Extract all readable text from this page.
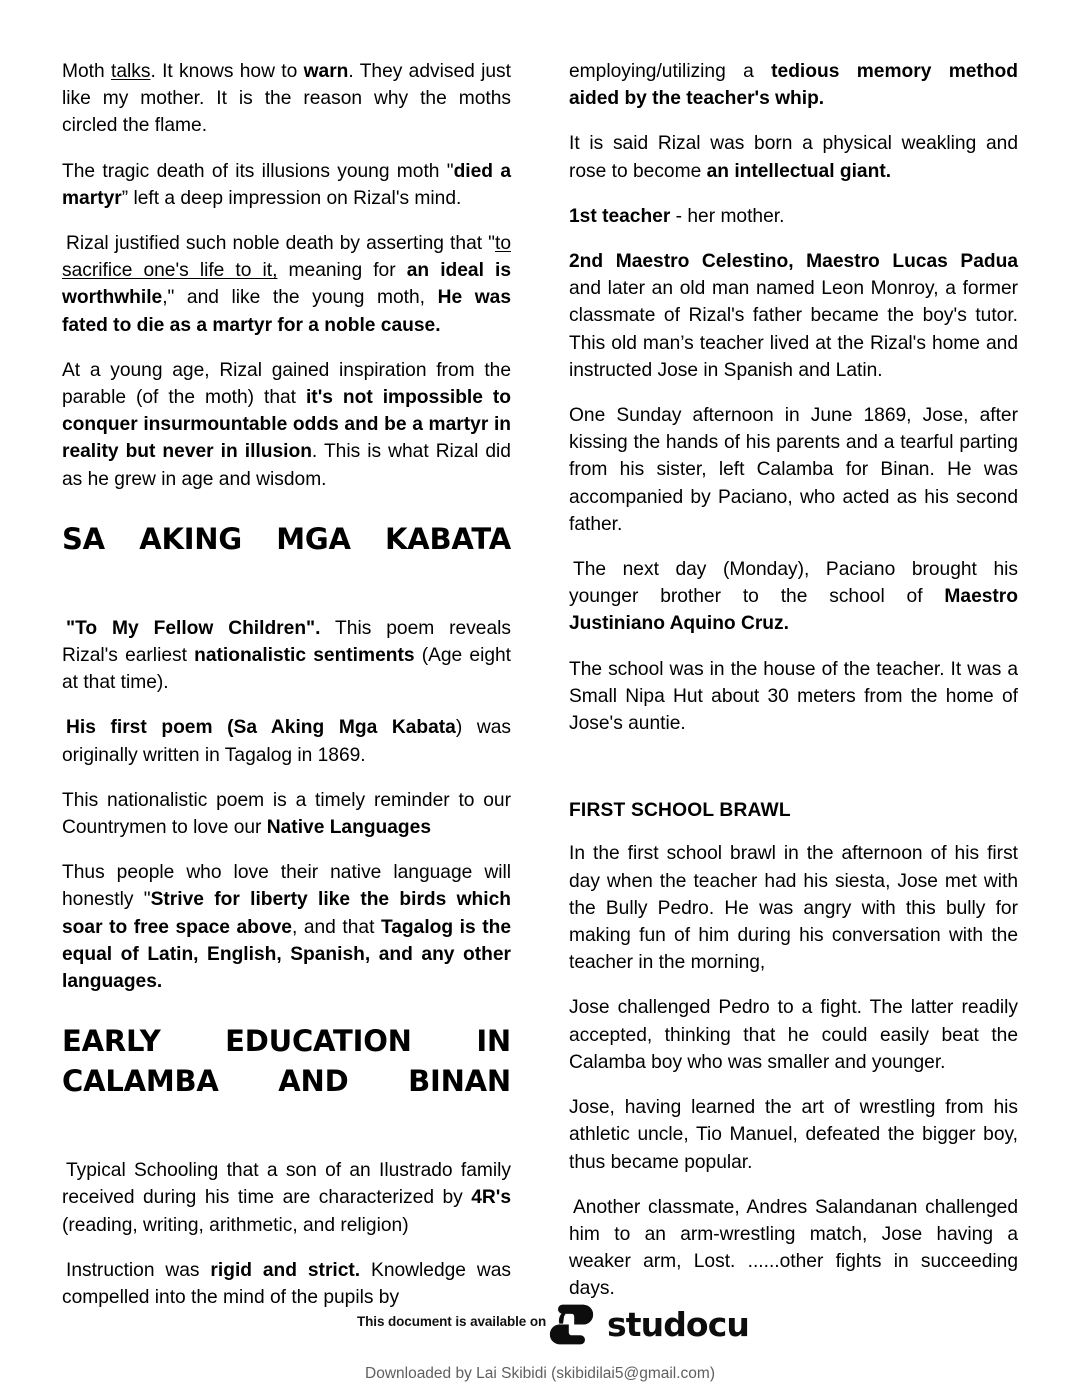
Moth talks. It knows how to warn. They advised just like my mother. It is the reason why the moths circled the flame.

The tragic death of its illusions young moth "died a martyr” left a deep impression on Rizal's mind.

Rizal justified such noble death by asserting that "to sacrifice one's life to it, meaning for an ideal is worthwhile," and like the young moth, He was fated to die as a martyr for a noble cause.

At a young age, Rizal gained inspiration from the parable (of the moth) that it's not impossible to conquer insurmountable odds and be a martyr in reality but never in illusion. This is what Rizal did as he grew in age and wisdom.

SA AKING MGA KABATA

"To My Fellow Children". This poem reveals Rizal's earliest nationalistic sentiments (Age eight at that time).

His first poem (Sa Aking Mga Kabata) was originally written in Tagalog in 1869.

This nationalistic poem is a timely reminder to our Countrymen to love our Native Languages

Thus people who love their native language will honestly "Strive for liberty like the birds which soar to free space above, and that Tagalog is the equal of Latin, English, Spanish, and any other languages.

EARLY EDUCATION IN CALAMBA AND BINAN

Typical Schooling that a son of an Ilustrado family received during his time are characterized by 4R's (reading, writing, arithmetic, and religion)

Instruction was rigid and strict. Knowledge was compelled into the mind of the pupils by

employing/utilizing a tedious memory method aided by the teacher's whip.

It is said Rizal was born a physical weakling and rose to become an intellectual giant.

1st teacher - her mother.

2nd Maestro Celestino, Maestro Lucas Padua and later an old man named Leon Monroy, a former classmate of Rizal's father became the boy's tutor. This old man’s teacher lived at the Rizal's home and instructed Jose in Spanish and Latin.

One Sunday afternoon in June 1869, Jose, after kissing the hands of his parents and a tearful parting from his sister, left Calamba for Binan. He was accompanied by Paciano, who acted as his second father.

The next day (Monday), Paciano brought his younger brother to the school of Maestro Justiniano Aquino Cruz.

The school was in the house of the teacher. It was a Small Nipa Hut about 30 meters from the home of Jose's auntie.

FIRST SCHOOL BRAWL

In the first school brawl in the afternoon of his first day when the teacher had his siesta, Jose met with the Bully Pedro. He was angry with this bully for making fun of him during his conversation with the teacher in the morning,

Jose challenged Pedro to a fight. The latter readily accepted, thinking that he could easily beat the Calamba boy who was smaller and younger.

Jose, having learned the art of wrestling from his athletic uncle, Tio Manuel, defeated the bigger boy, thus became popular.

Another classmate, Andres Salandanan challenged him to an arm-wrestling match, Jose having a weaker arm, Lost. ......other fights in succeeding days.

This document is available on studocu
Downloaded by Lai Skibidi (skibidilai5@gmail.com)
